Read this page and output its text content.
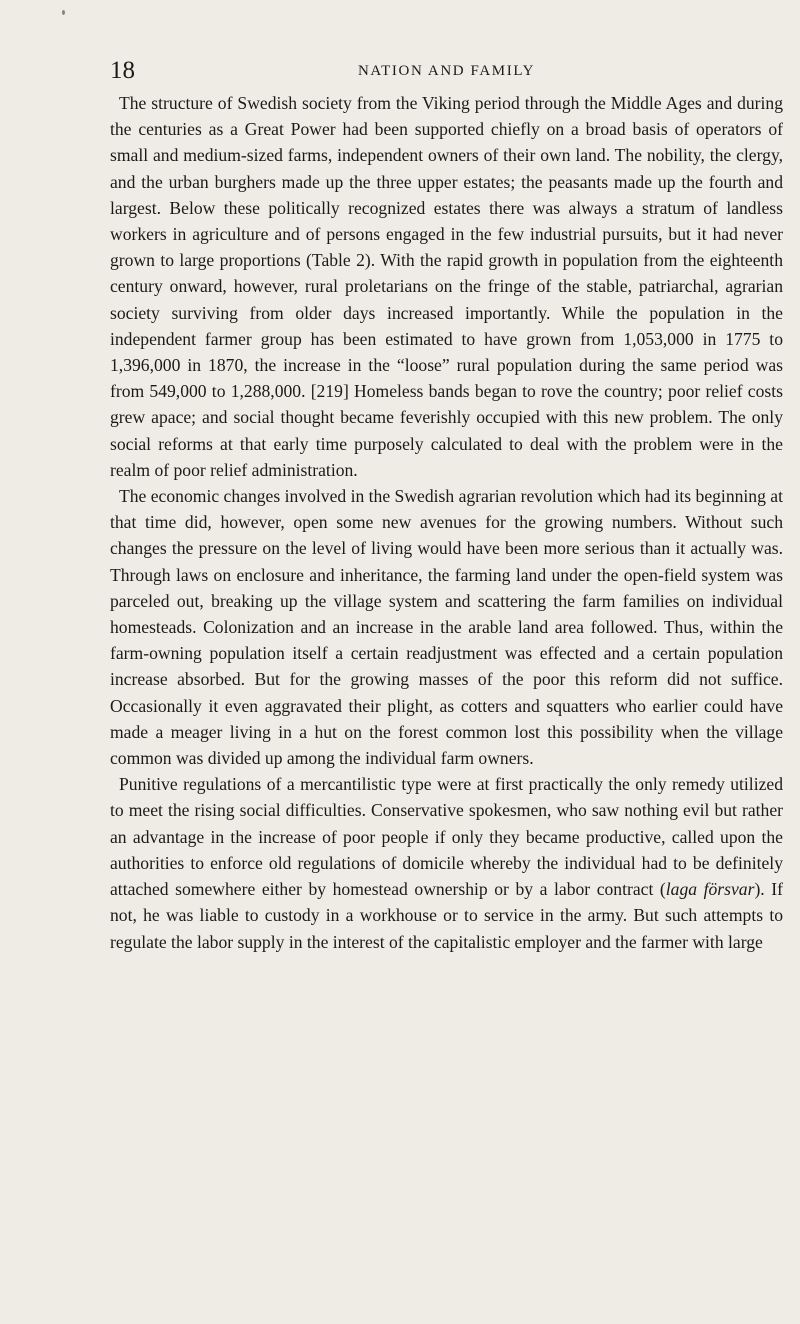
18	NATION AND FAMILY

The structure of Swedish society from the Viking period through the Middle Ages and during the centuries as a Great Power had been supported chiefly on a broad basis of operators of small and medium-sized farms, independent owners of their own land. The nobility, the clergy, and the urban burghers made up the three upper estates; the peasants made up the fourth and largest. Below these politically recognized estates there was always a stratum of landless workers in agriculture and of persons engaged in the few industrial pursuits, but it had never grown to large proportions (Table 2). With the rapid growth in population from the eighteenth century onward, however, rural proletarians on the fringe of the stable, patriarchal, agrarian society surviving from older days increased importantly. While the population in the independent farmer group has been estimated to have grown from 1,053,000 in 1775 to 1,396,000 in 1870, the increase in the “loose” rural population during the same period was from 549,000 to 1,288,000. [219] Homeless bands began to rove the country; poor relief costs grew apace; and social thought became feverishly occupied with this new problem. The only social reforms at that early time purposely calculated to deal with the problem were in the realm of poor relief administration.

The economic changes involved in the Swedish agrarian revolution which had its beginning at that time did, however, open some new avenues for the growing numbers. Without such changes the pressure on the level of living would have been more serious than it actually was. Through laws on enclosure and inheritance, the farming land under the open-field system was parceled out, breaking up the village system and scattering the farm families on individual homesteads. Colonization and an increase in the arable land area followed. Thus, within the farm-owning population itself a certain readjustment was effected and a certain population increase absorbed. But for the growing masses of the poor this reform did not suffice. Occasionally it even aggravated their plight, as cotters and squatters who earlier could have made a meager living in a hut on the forest common lost this possibility when the village common was divided up among the individual farm owners.

Punitive regulations of a mercantilistic type were at first practically the only remedy utilized to meet the rising social difficulties. Conservative spokesmen, who saw nothing evil but rather an advantage in the increase of poor people if only they became productive, called upon the authorities to enforce old regulations of domicile whereby the individual had to be definitely attached somewhere either by homestead ownership or by a labor contract (laga försvar). If not, he was liable to custody in a workhouse or to service in the army. But such attempts to regulate the labor supply in the interest of the capitalistic employer and the farmer with large
